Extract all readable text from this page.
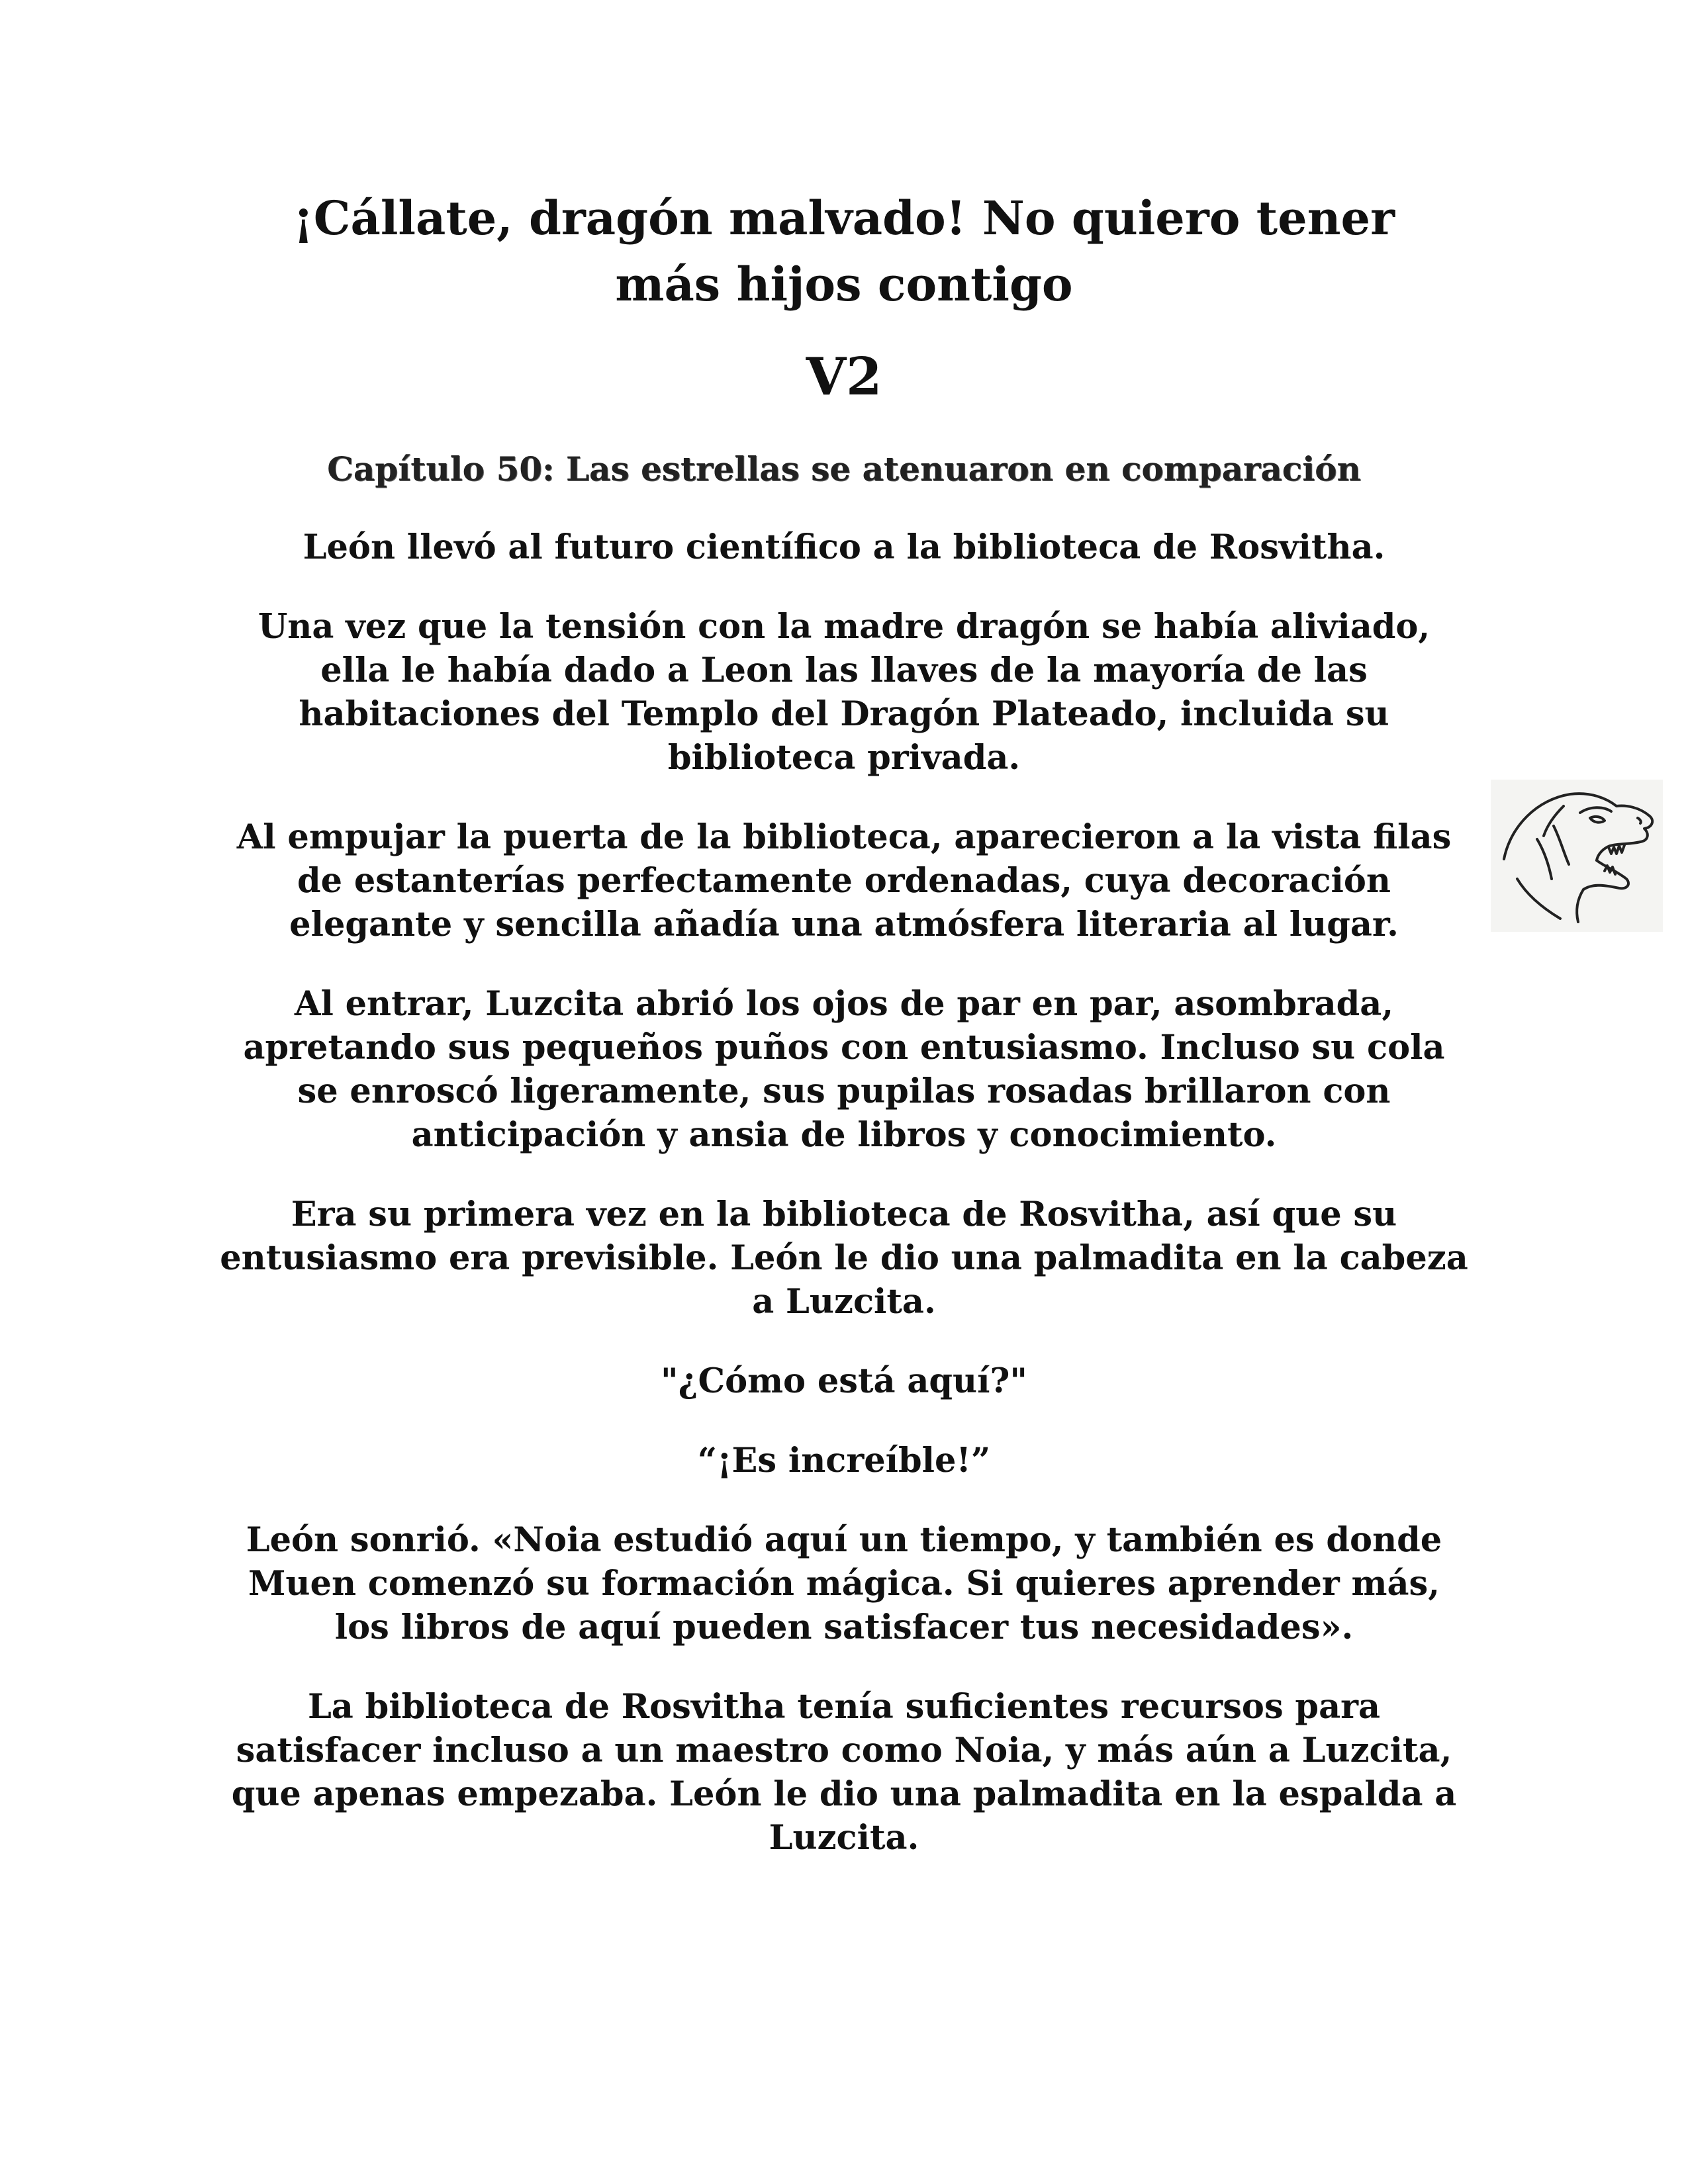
¡Cállate, dragón malvado! No quiero tener
más hijos contigo
V2
Capítulo 50: Las estrellas se atenuaron en comparación

León llevó al futuro científico a la biblioteca de Rosvitha.

Una vez que la tensión con la madre dragón se había aliviado, ella le había dado a Leon las llaves de la mayoría de las habitaciones del Templo del Dragón Plateado, incluida su biblioteca privada.

Al empujar la puerta de la biblioteca, aparecieron a la vista filas de estanterías perfectamente ordenadas, cuya decoración elegante y sencilla añadía una atmósfera literaria al lugar.

Al entrar, Luzcita abrió los ojos de par en par, asombrada, apretando sus pequeños puños con entusiasmo. Incluso su cola se enroscó ligeramente, sus pupilas rosadas brillaron con anticipación y ansia de libros y conocimiento.

Era su primera vez en la biblioteca de Rosvitha, así que su entusiasmo era previsible. León le dio una palmadita en la cabeza a Luzcita.

"¿Cómo está aquí?"

“¡Es increíble!”

León sonrió. «Noia estudió aquí un tiempo, y también es donde Muen comenzó su formación mágica. Si quieres aprender más, los libros de aquí pueden satisfacer tus necesidades».

La biblioteca de Rosvitha tenía suficientes recursos para satisfacer incluso a un maestro como Noia, y más aún a Luzcita, que apenas empezaba. León le dio una palmadita en la espalda a Luzcita.
